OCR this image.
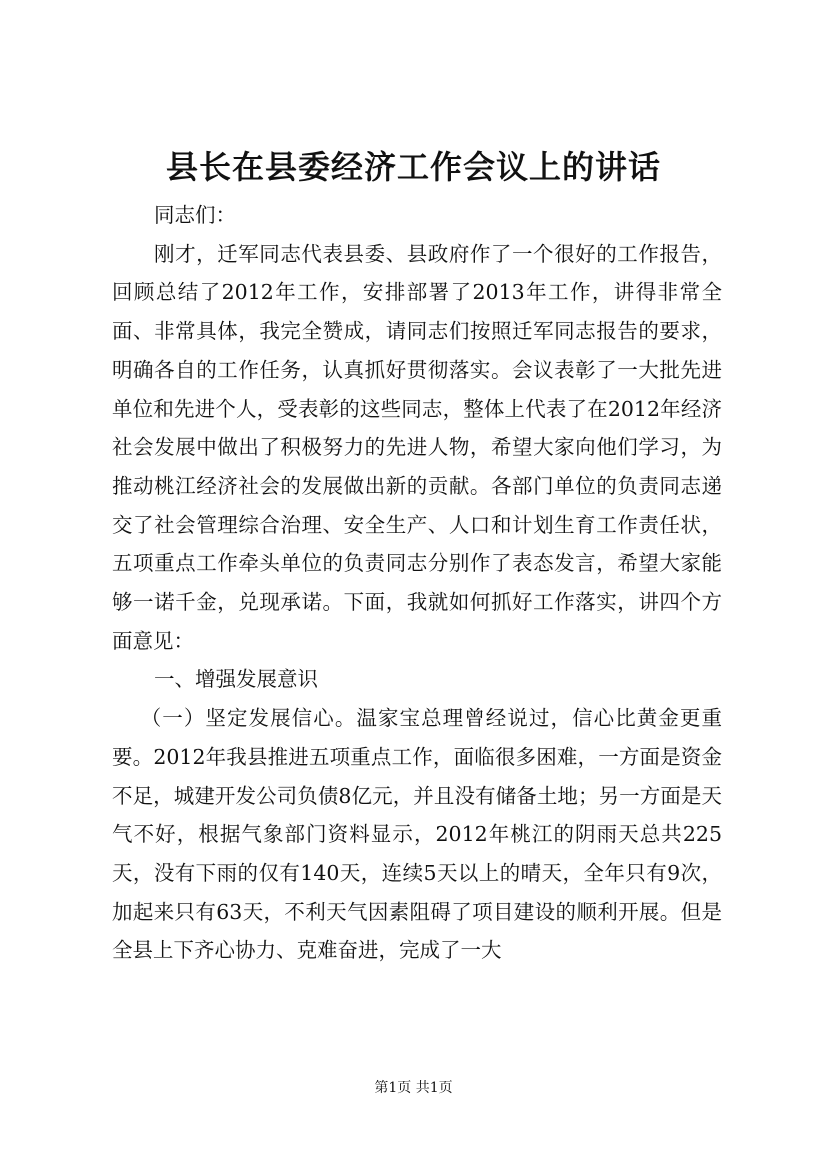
县长在县委经济工作会议上的讲话

同志们：

刚才，迁军同志代表县委、县政府作了一个很好的工作报告，回顾总结了2012年工作，安排部署了2013年工作，讲得非常全面、非常具体，我完全赞成，请同志们按照迁军同志报告的要求，明确各自的工作任务，认真抓好贯彻落实。会议表彰了一大批先进单位和先进个人，受表彰的这些同志，整体上代表了在2012年经济社会发展中做出了积极努力的先进人物，希望大家向他们学习，为推动桃江经济社会的发展做出新的贡献。各部门单位的负责同志递交了社会管理综合治理、安全生产、人口和计划生育工作责任状，五项重点工作牵头单位的负责同志分别作了表态发言，希望大家能够一诺千金，兑现承诺。下面，我就如何抓好工作落实，讲四个方面意见：

一、增强发展意识

（一）坚定发展信心。温家宝总理曾经说过，信心比黄金更重要。2012年我县推进五项重点工作，面临很多困难，一方面是资金不足，城建开发公司负债8亿元，并且没有储备土地；另一方面是天气不好，根据气象部门资料显示，2012年桃江的阴雨天总共225天，没有下雨的仅有140天，连续5天以上的晴天，全年只有9次，加起来只有63天，不利天气因素阻碍了项目建设的顺利开展。但是全县上下齐心协力、克难奋进，完成了一大

第1页 共1页
